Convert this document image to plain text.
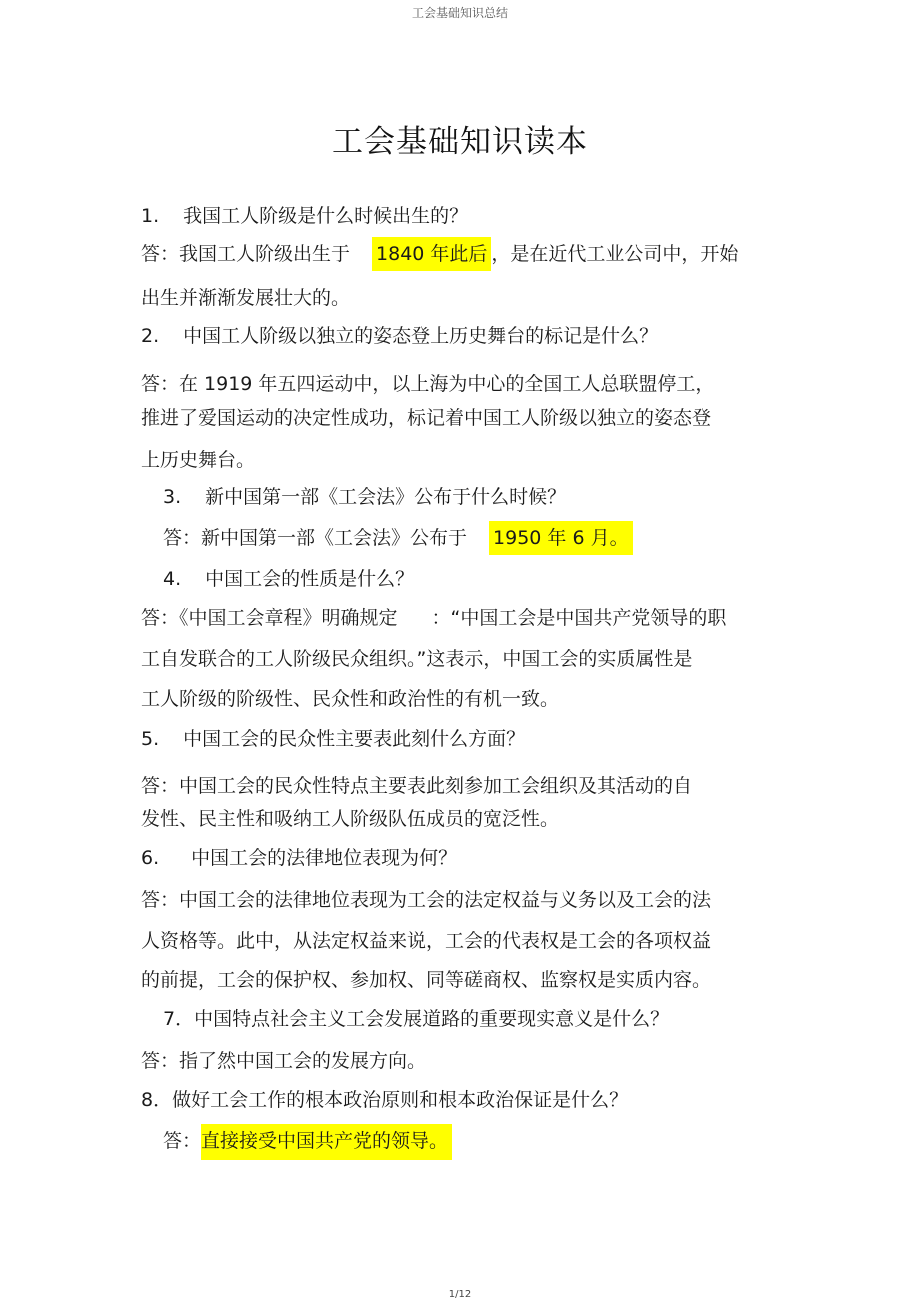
工会基础知识总结
工会基础知识读本
1. 我国工人阶级是什么时候出生的？
答：我国工人阶级出生于 1840 年此后 ，是在近代工业公司中，开始
出生并渐渐发展壮大的。
2. 中国工人阶级以独立的姿态登上历史舞台的标记是什么？
答：在 1919 年五四运动中，以上海为中心的全国工人总联盟停工，
推进了爱国运动的决定性成功，标记着中国工人阶级以独立的姿态登
上历史舞台。
3. 新中国第一部《工会法》公布于什么时候？
答：新中国第一部《工会法》公布于 1950 年 6 月。
4. 中国工会的性质是什么？
答：《中国工会章程》明确规定 ：“中国工会是中国共产党领导的职
工自发联合的工人阶级民众组织。”这表示，中国工会的实质属性是
工人阶级的阶级性、民众性和政治性的有机一致。
5. 中国工会的民众性主要表此刻什么方面？
答：中国工会的民众性特点主要表此刻参加工会组织及其活动的自
发性、民主性和吸纳工人阶级队伍成员的宽泛性。
6. 中国工会的法律地位表现为何？
答：中国工会的法律地位表现为工会的法定权益与义务以及工会的法
人资格等。此中，从法定权益来说，工会的代表权是工会的各项权益
的前提，工会的保护权、参加权、同等磋商权、监察权是实质内容。
7．中国特点社会主义工会发展道路的重要现实意义是什么？
答：指了然中国工会的发展方向。
8．做好工会工作的根本政治原则和根本政治保证是什么？
答：直接接受中国共产党的领导。
1/12
